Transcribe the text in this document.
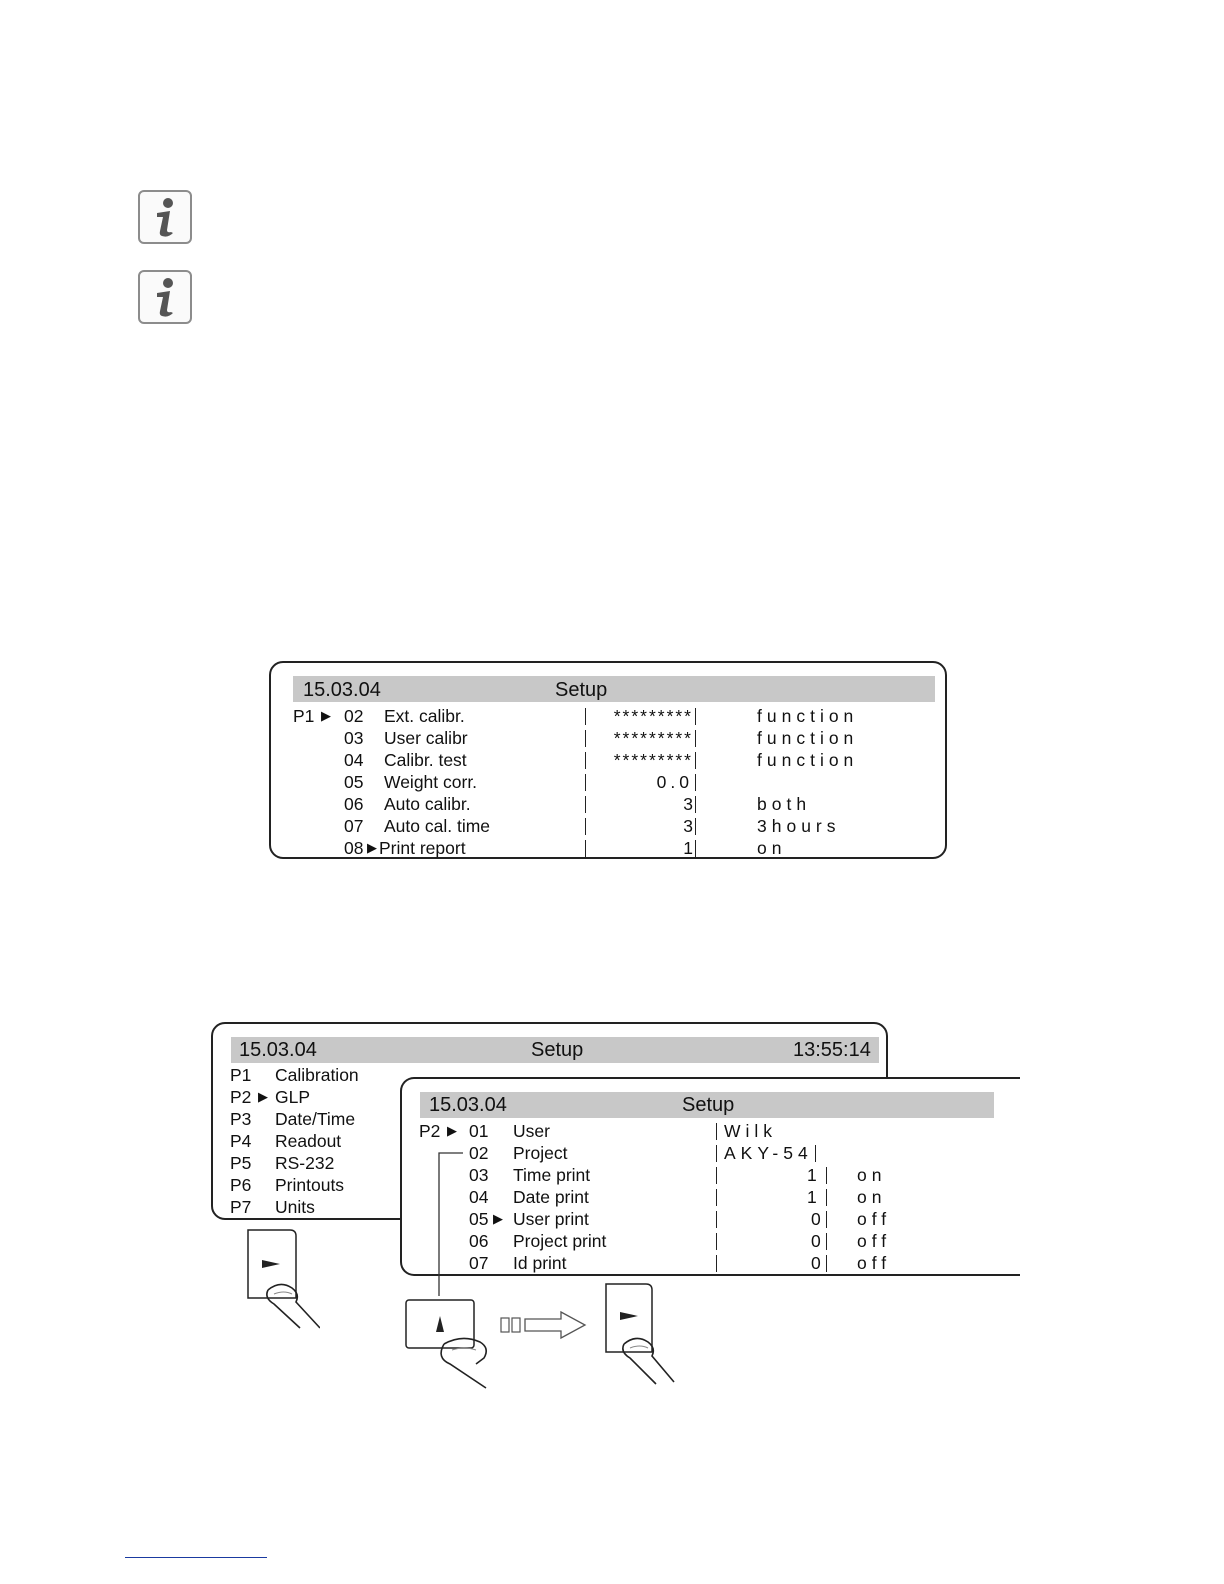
15.03.04	Setup
P1 ▶ 02 Ext. calibr.	*********	function
03 User calibr	*********	function
04 Calibr. test	*********	function
05 Weight corr.	0.0
06 Auto calibr.	3	both
07 Auto cal. time	3	3hours
08 ▶ Print report	1	on
15.03.04	Setup	13:55:14
P1 Calibration
P2 ▶ GLP
P3 Date/Time
P4 Readout
P5 RS-232
P6 Printouts
P7 Units
15.03.04	Setup
P2 ▶ 01 User	Wilk
02 Project	AKY-54
03 Time print	1 on
04 Date print	1 on
05 ▶ User print	0 off
06 Project print	0 off
07 Id print	0 off
